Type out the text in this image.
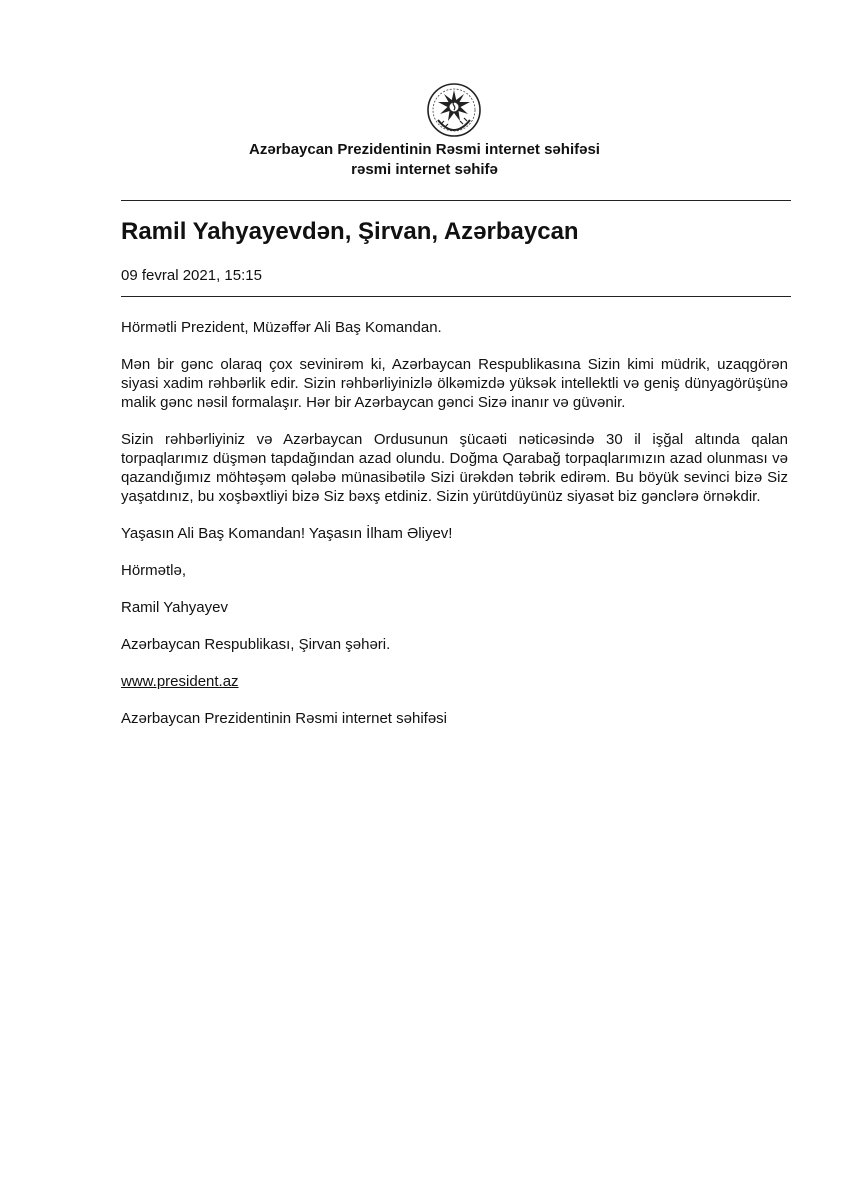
Azərbaycan Prezidentinin Rəsmi internet səhifəsi
rəsmi internet səhifə
Ramil Yahyayevdən, Şirvan, Azərbaycan
09 fevral 2021, 15:15

Hörmətli Prezident, Müzəffər Ali Baş Komandan.

Mən bir gənc olaraq çox sevinirəm ki, Azərbaycan Respublikasına Sizin kimi müdrik, uzaqgörən siyasi xadim rəhbərlik edir. Sizin rəhbərliyinizlə ölkəmizdə yüksək intellektli və geniş dünyagörüşünə malik gənc nəsil formalaşır. Hər bir Azərbaycan gənci Sizə inanır və güvənir.

Sizin rəhbərliyiniz və Azərbaycan Ordusunun şücaəti nəticəsində 30 il işğal altında qalan torpaqlarımız düşmən tapdağından azad olundu. Doğma Qarabağ torpaqlarımızın azad olunması və qazandığımız möhtəşəm qələbə münasibətilə Sizi ürəkdən təbrik edirəm. Bu böyük sevinci bizə Siz yaşatdınız, bu xoşbəxtliyi bizə Siz bəxş etdiniz. Sizin yürütdüyünüz siyasət biz gənclərə örnəkdir.

Yaşasın Ali Baş Komandan! Yaşasın İlham Əliyev!

Hörmətlə,

Ramil Yahyayev

Azərbaycan Respublikası, Şirvan şəhəri.

www.president.az

Azərbaycan Prezidentinin Rəsmi internet səhifəsi
